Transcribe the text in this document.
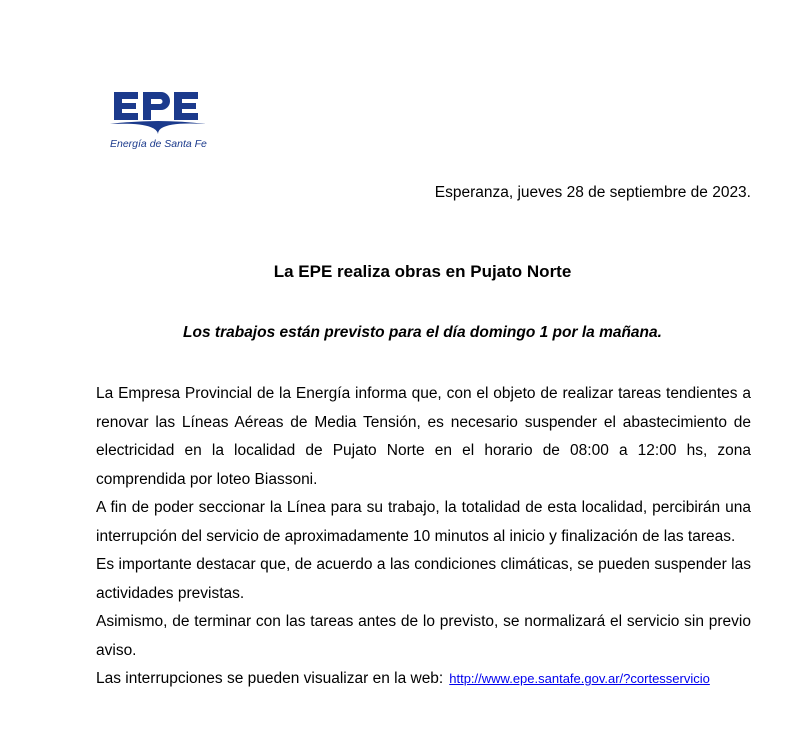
Energía de Santa Fe
Esperanza, jueves 28 de septiembre de 2023.
La EPE realiza obras en Pujato Norte
Los trabajos están previsto para el día domingo 1 por la mañana.

La Empresa Provincial de la Energía informa que, con el objeto de realizar tareas tendientes a renovar las Líneas Aéreas de Media Tensión, es necesario suspender el abastecimiento de electricidad en la localidad de Pujato Norte en el horario de 08:00 a 12:00 hs, zona comprendida por loteo Biassoni.

A fin de poder seccionar la Línea para su trabajo, la totalidad de esta localidad, percibirán una interrupción del servicio de aproximadamente 10 minutos al inicio y finalización de las tareas.

Es importante destacar que, de acuerdo a las condiciones climáticas, se pueden suspender las actividades previstas.

Asimismo, de terminar con las tareas antes de lo previsto, se normalizará el servicio sin previo aviso.

Las interrupciones se pueden visualizar en la web: http://www.epe.santafe.gov.ar/?cortesservicio
